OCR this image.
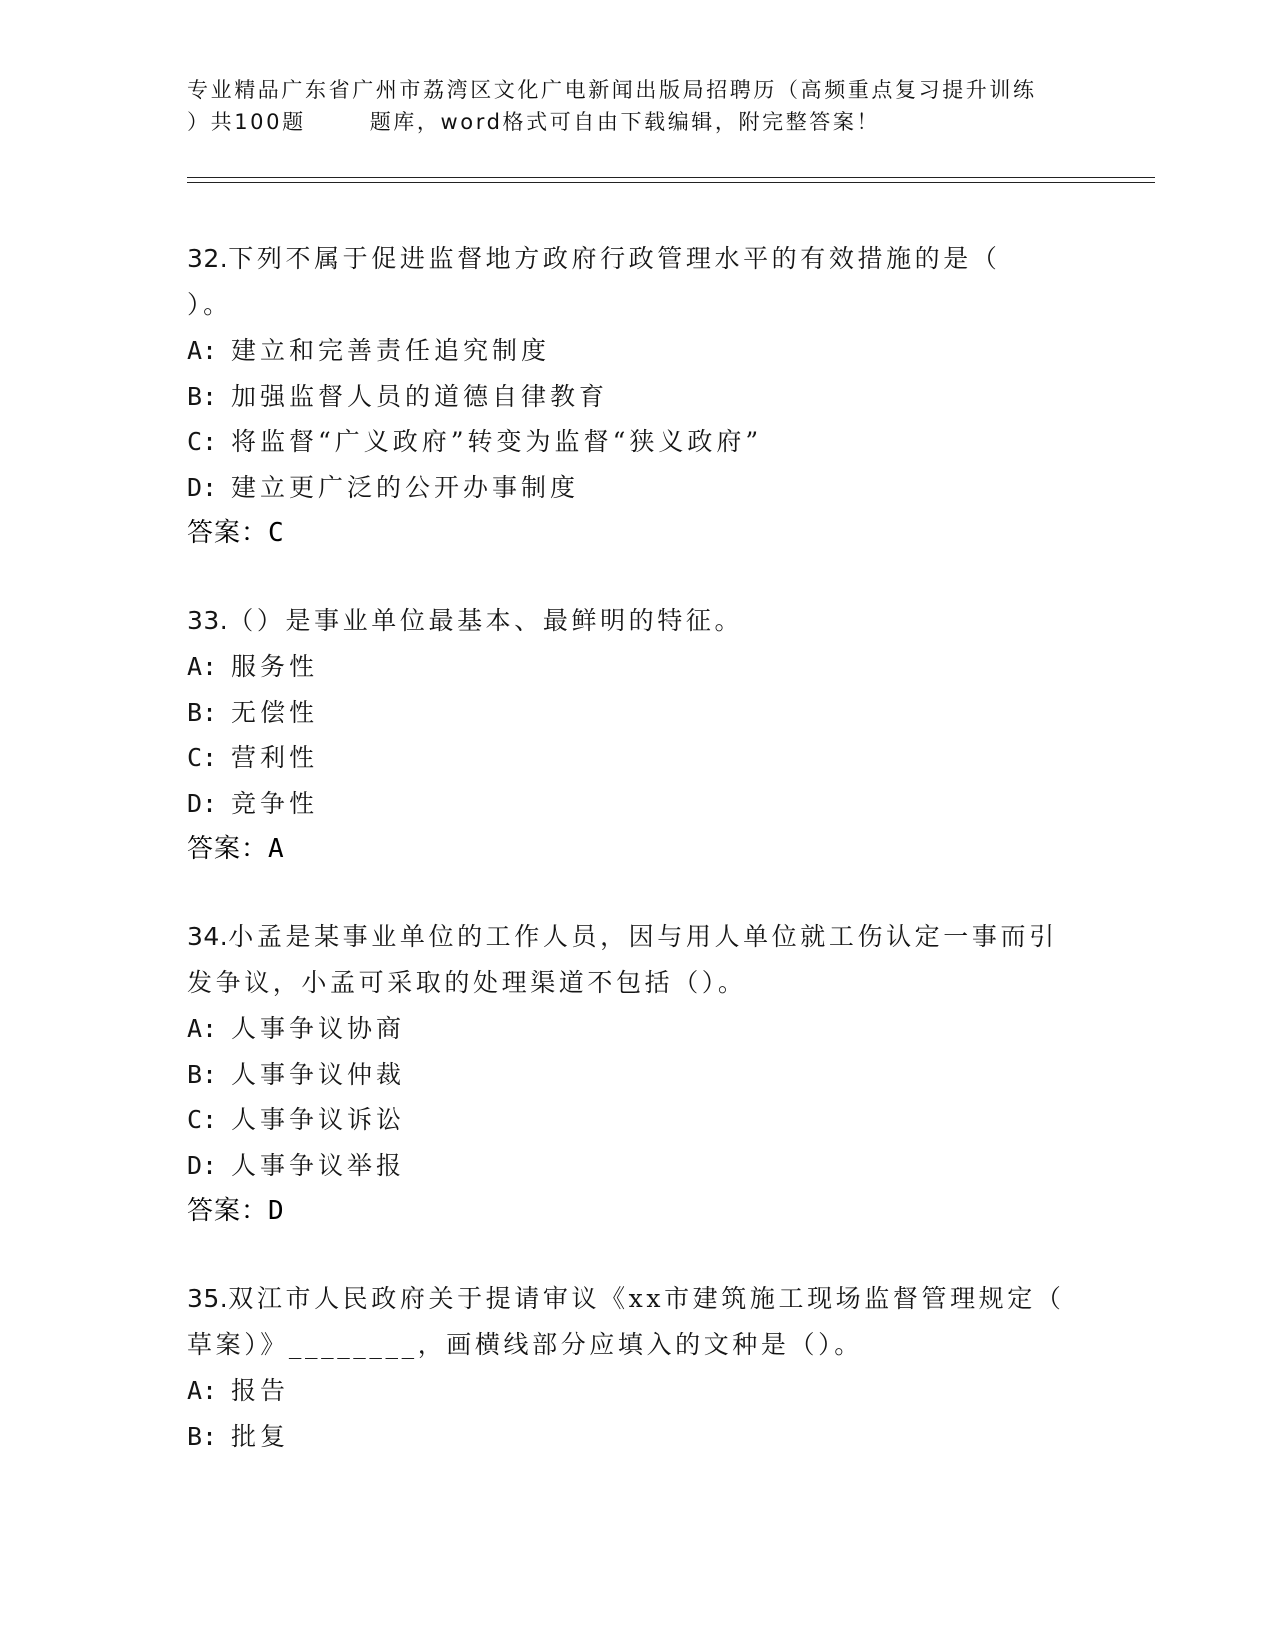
专业精品广东省广州市荔湾区文化广电新闻出版局招聘历（高频重点复习提升训练
）共100题	题库，word格式可自由下载编辑，附完整答案！
32.下列不属于促进监督地方政府行政管理水平的有效措施的是（
）。
A: 建立和完善责任追究制度
B: 加强监督人员的道德自律教育
C: 将监督“广义政府”转变为监督“狭义政府”
D: 建立更广泛的公开办事制度
答案：C
33.（）是事业单位最基本、最鲜明的特征。
A: 服务性
B: 无偿性
C: 营利性
D: 竞争性
答案：A
34.小孟是某事业单位的工作人员，因与用人单位就工伤认定一事而引
发争议，小孟可采取的处理渠道不包括（）。
A: 人事争议协商
B: 人事争议仲裁
C: 人事争议诉讼
D: 人事争议举报
答案：D
35.双江市人民政府关于提请审议《xx市建筑施工现场监督管理规定（
草案）》________，画横线部分应填入的文种是（）。
A: 报告
B: 批复
